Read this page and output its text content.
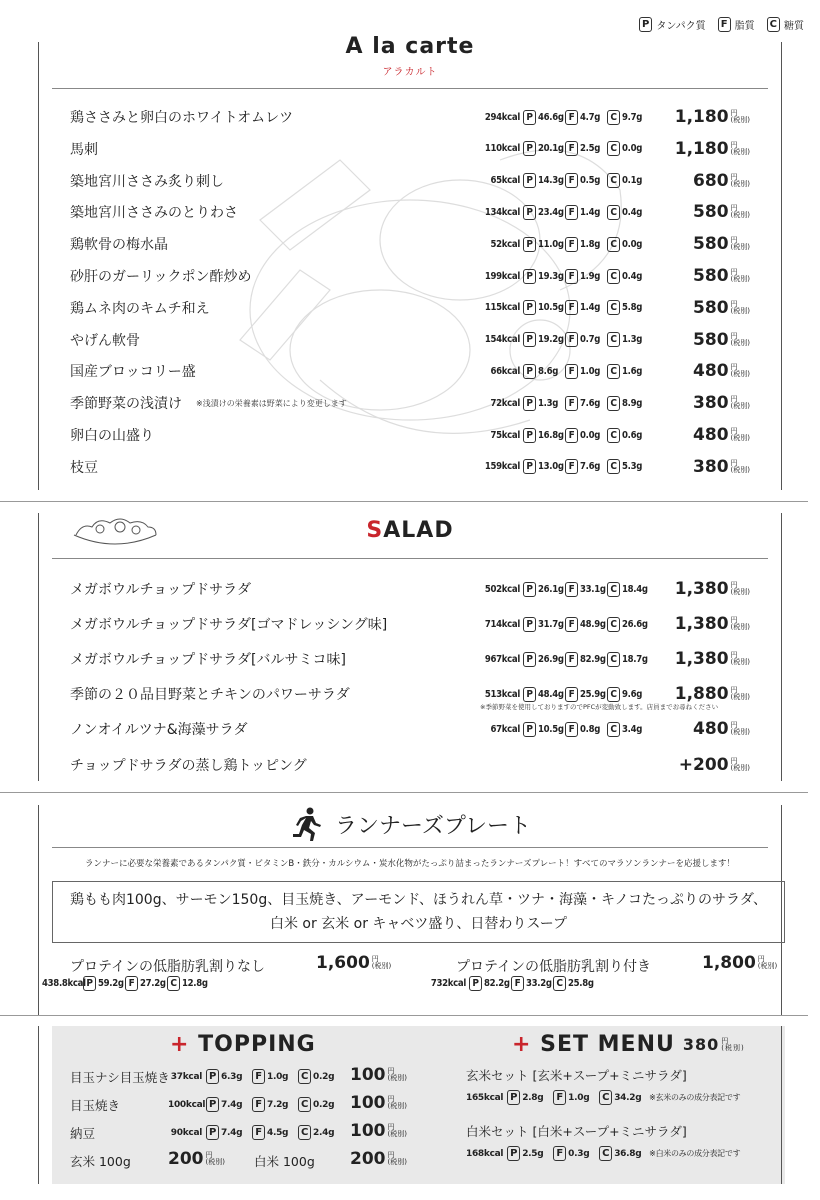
P タンパク質	F 脂質	C 糖質
A la carte
アラカルト
鶏ささみと卵白のホワイトオムレツ	294kcal P 46.6g F 4.7g	C 9.7g 1,180 円
(税別)
馬刺	110kcal P 20.1g F 2.5g	C 0.0g 1,180 円
(税別)
築地宮川ささみ炙り刺し	65kcal P 14.3g F 0.5g	C 0.1g	680 円
(税別)
築地宮川ささみのとりわさ	134kcal P 23.4g F 1.4g	C 0.4g	580 円
(税別)
鶏軟骨の梅水晶	52kcal P 11.0g F 1.8g	C 0.0g	580 円
(税別)
砂肝のガーリックポン酢炒め	199kcal P 19.3g F 1.9g	C 0.4g	580 円
(税別)
鶏ムネ肉のキムチ和え	115kcal P 10.5g F 1.4g	C 5.8g	580 円
(税別)
やげん軟骨	154kcal P 19.2g F 0.7g	C 1.3g	580 円
(税別)
国産ブロッコリー盛	66kcal P 8.6g	F 1.0g	C 1.6g	480 円
(税別)
季節野菜の浅漬け ※浅漬けの栄養素は野菜により変更します	72kcal P 1.3g	F 7.6g	C 8.9g	380 円
(税別)
卵白の山盛り	75kcal P 16.8g F 0.0g	C 0.6g	480 円
(税別)
枝豆	159kcal P 13.0g F 7.6g	C 5.3g	380 円
(税別)
SALAD
メガボウルチョップドサラダ	502kcal P 26.1g F 33.1g C 18.4g 1,380 円
(税別)
メガボウルチョップドサラダ[ゴマドレッシング味]	714kcal P 31.7g F 48.9g C 26.6g 1,380 円
(税別)
メガボウルチョップドサラダ[バルサミコ味]	967kcal P 26.9g F 82.9g C 18.7g 1,380 円
(税別)
季節の２０品目野菜とチキンのパワーサラダ	513kcal P 48.4g F 25.9g C 9.6g 1,880 円
(税別)
ノンオイルツナ&海藻サラダ	67kcal P 10.5g F 0.8g	C 3.4g	480 円
(税別)
チョップドサラダの蒸し鶏トッピング	+200 円
(税別)
※季節野菜を使用しておりますのでPFCが変動致します。店員までお尋ねください
ランナーズプレート
ランナーに必要な栄養素であるタンパク質・ビタミンB・鉄分・カルシウム・炭水化物がたっぷり詰まったランナーズプレート！すべてのマラソンランナーを応援します！
鶏もも肉100g、サーモン150g、目玉焼き、アーモンド、ほうれん草・ツナ・海藻・キノコたっぷりのサラダ、
白米 or 玄米 or キャベツ盛り、日替わりスープ
プロテインの低脂肪乳割りなし	1,600 円
(税別)
438.8kcal P 59.2g F 27.2g C 12.8g
プロテインの低脂肪乳割り付き	1,800 円
(税別)
732kcal P 82.2g F 33.2g C 25.8g
+ TOPPING	+ SET MENU 380 円
(税別)
目玉ナシ目玉焼き 37kcal P 6.3g	F 1.0g	C 0.2g 100 円
(税別)
目玉焼き	100kcal P 7.4g	F 7.2g	C 0.2g 100 円
(税別)
納豆	90kcal P 7.4g	F 4.5g	C 2.4g 100 円
(税別)
玄米 100g 200 円
(税別) 白米 100g 200 円
(税別)
玄米セット [玄米+スープ+ミニサラダ]
165kcal P 2.8g	F 1.0g	C 34.2g ※玄米のみの成分表記です
白米セット [白米+スープ+ミニサラダ]
168kcal P 2.5g	F 0.3g	C 36.8g ※白米のみの成分表記です
